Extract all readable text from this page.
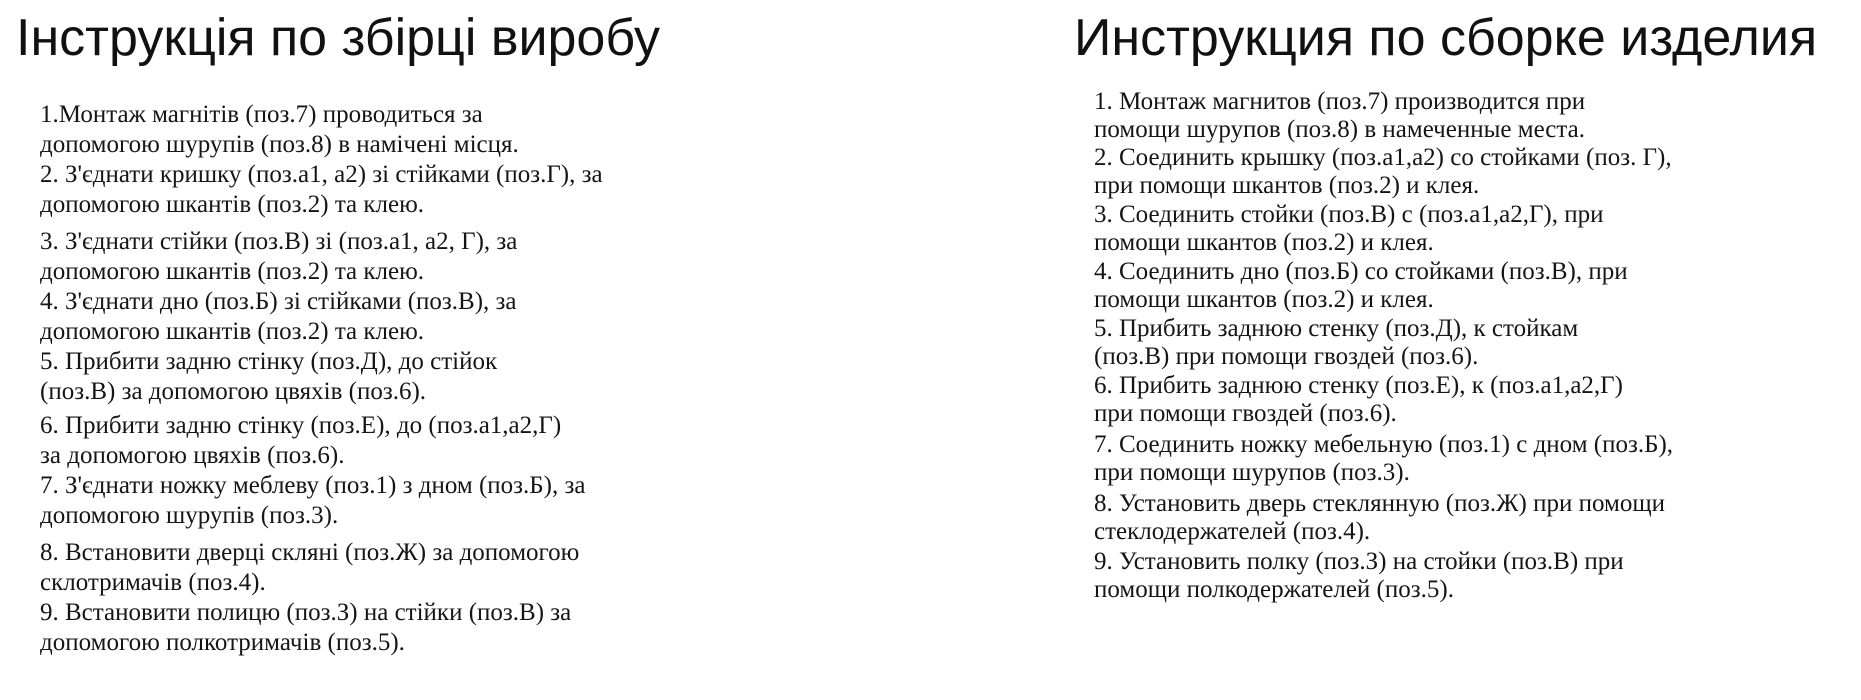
Інструкція по збірці виробу
1.Монтаж магнітів (поз.7) проводиться за
допомогою шурупів (поз.8) в намічені місця.
2. З'єднати кришку (поз.а1, а2) зі стійками (поз.Г), за
допомогою шкантів (поз.2) та клею.
3. З'єднати стійки (поз.В) зі (поз.а1, а2, Г), за
допомогою шкантів (поз.2) та клею.
4. З'єднати дно (поз.Б) зі стійками (поз.В), за
допомогою шкантів (поз.2) та клею.
5. Прибити задню стінку (поз.Д), до стійок
(поз.В) за допомогою цвяхів (поз.6).
6. Прибити задню стінку (поз.Е), до (поз.а1,а2,Г)
за допомогою цвяхів (поз.6).
7. З'єднати ножку меблеву (поз.1) з дном (поз.Б), за
допомогою шурупів (поз.3).
8. Встановити дверці скляні (поз.Ж) за допомогою
склотримачів (поз.4).
9. Встановити полицю (поз.З) на стійки (поз.В) за
допомогою полкотримачів (поз.5).
Инструкция по сборке изделия
1. Монтаж магнитов (поз.7) производится при
помощи шурупов (поз.8) в намеченные места.
2. Соединить крышку (поз.а1,а2) со стойками (поз. Г),
при помощи шкантов (поз.2) и клея.
3. Соединить стойки (поз.В) с (поз.а1,а2,Г), при
помощи шкантов (поз.2) и клея.
4. Соединить дно (поз.Б) со стойками (поз.В), при
помощи шкантов (поз.2) и клея.
5. Прибить заднюю стенку (поз.Д), к стойкам
(поз.В) при помощи гвоздей (поз.6).
6. Прибить заднюю стенку (поз.Е), к (поз.а1,а2,Г)
при помощи гвоздей (поз.6).
7. Соединить ножку мебельную (поз.1) с дном (поз.Б),
при помощи шурупов (поз.3).
8. Установить дверь стеклянную (поз.Ж) при помощи
стеклодержателей (поз.4).
9. Установить полку (поз.З) на стойки (поз.В) при
помощи полкодержателей (поз.5).
